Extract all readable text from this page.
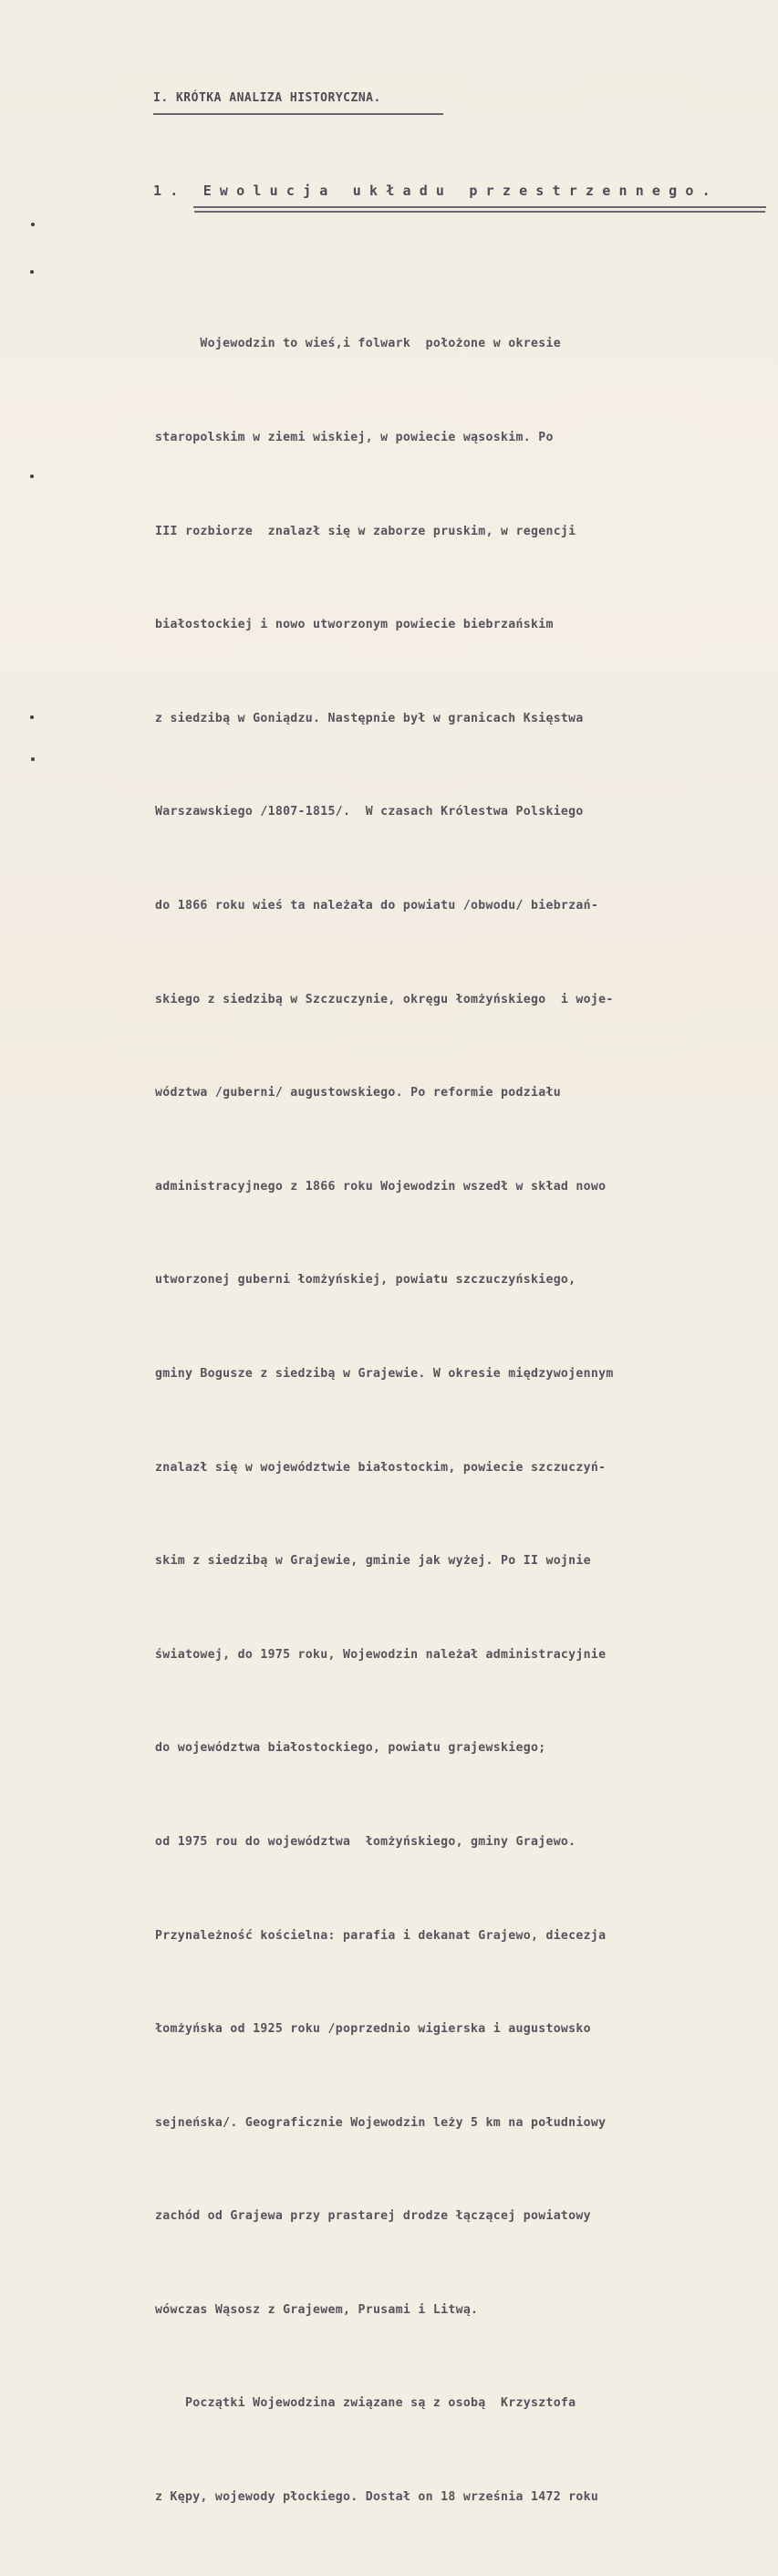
I. KRÓTKA ANALIZA HISTORYCZNA.
1. Ewolucja układu przestrzennego.

Wojewodzin to wieś,i folwark  położone w okresie

staropolskim w ziemi wiskiej, w powiecie wąsoskim. Po

III rozbiorze  znalazł się w zaborze pruskim, w regencji

białostockiej i nowo utworzonym powiecie biebrzańskim

z siedzibą w Goniądzu. Następnie był w granicach Księstwa

Warszawskiego /1807-1815/.  W czasach Królestwa Polskiego

do 1866 roku wieś ta należała do powiatu /obwodu/ biebrzań-

skiego z siedzibą w Szczuczynie, okręgu łomżyńskiego  i woje-

wództwa /guberni/ augustowskiego. Po reformie podziału

administracyjnego z 1866 roku Wojewodzin wszedł w skład nowo

utworzonej guberni łomżyńskiej, powiatu szczuczyńskiego,

gminy Bogusze z siedzibą w Grajewie. W okresie międzywojennym

znalazł się w województwie białostockim, powiecie szczuczyń-

skim z siedzibą w Grajewie, gminie jak wyżej. Po II wojnie

światowej, do 1975 roku, Wojewodzin należał administracyjnie

do województwa białostockiego, powiatu grajewskiego;

od 1975 rou do województwa  łomżyńskiego, gminy Grajewo.

Przynależność kościelna: parafia i dekanat Grajewo, diecezja

łomżyńska od 1925 roku /poprzednio wigierska i augustowsko

sejneńska/. Geograficznie Wojewodzin leży 5 km na południowy

zachód od Grajewa przy prastarej drodze łączącej powiatowy

wówczas Wąsosz z Grajewem, Prusami i Litwą.

Początki Wojewodzina związane są z osobą  Krzysztofa

z Kępy, wojewody płockiego. Dostał on 18 września 1472 roku
